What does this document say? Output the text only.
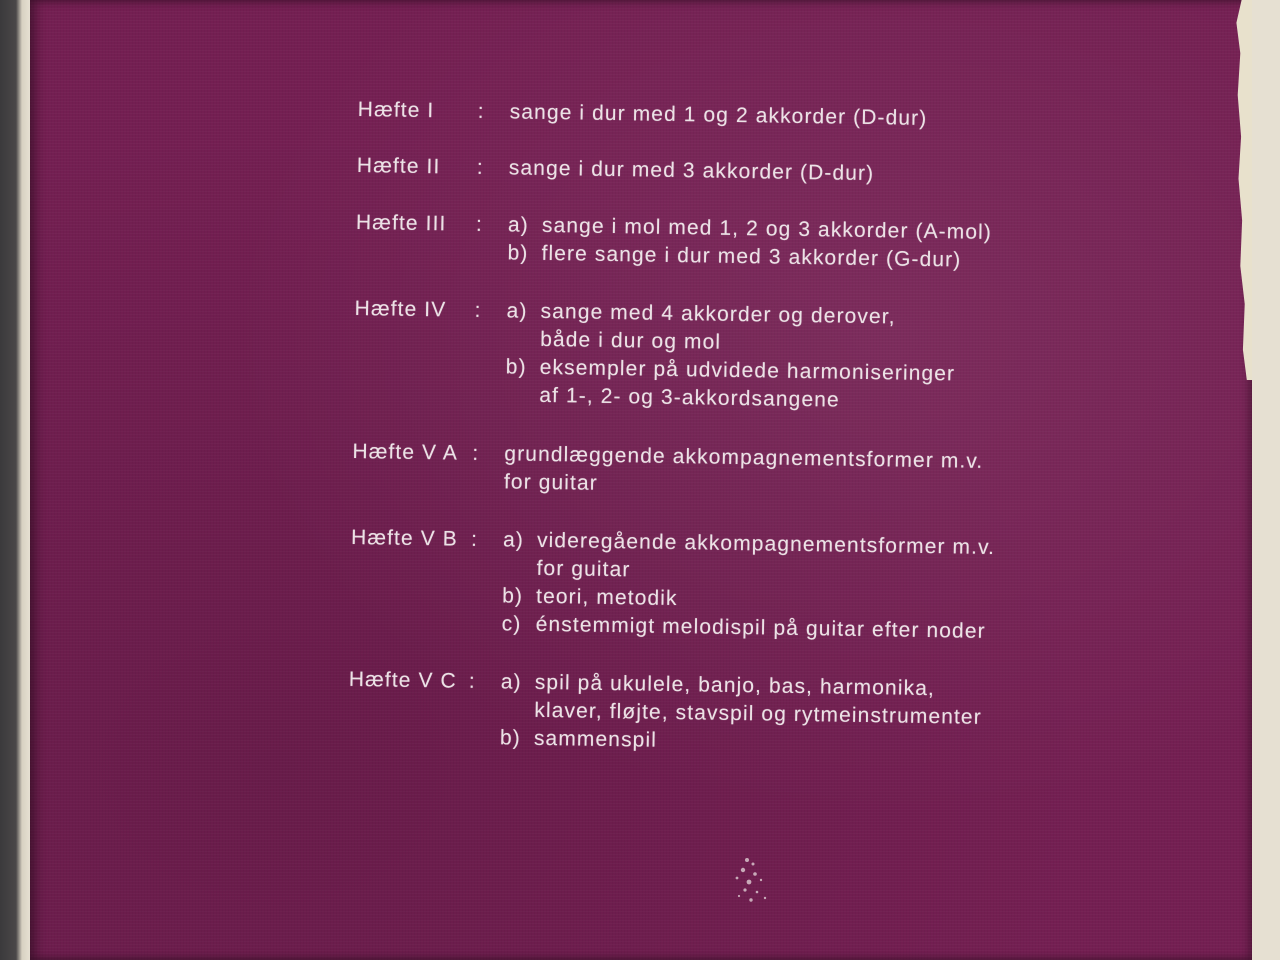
Hæfte I	: sange i dur med 1 og 2 akkorder (D-dur)
Hæfte II	: sange i dur med 3 akkorder (D-dur)
Hæfte III	: a) sange i mol med 1, 2 og 3 akkorder (A-mol)
b) flere sange i dur med 3 akkorder (G-dur)
Hæfte IV	: a) sange med 4 akkorder og derover,
både i dur og mol
b) eksempler på udvidede harmoniseringer
af 1-, 2- og 3-akkordsangene
Hæfte V A : grundlæggende akkompagnementsformer m.v.
for guitar
Hæfte V B : a) videregående akkompagnementsformer m.v.
for guitar
b) teori, metodik
c) énstemmigt melodispil på guitar efter noder
Hæfte V C : a) spil på ukulele, banjo, bas, harmonika,
klaver, fløjte, stavspil og rytmeinstrumenter
b) sammenspil
